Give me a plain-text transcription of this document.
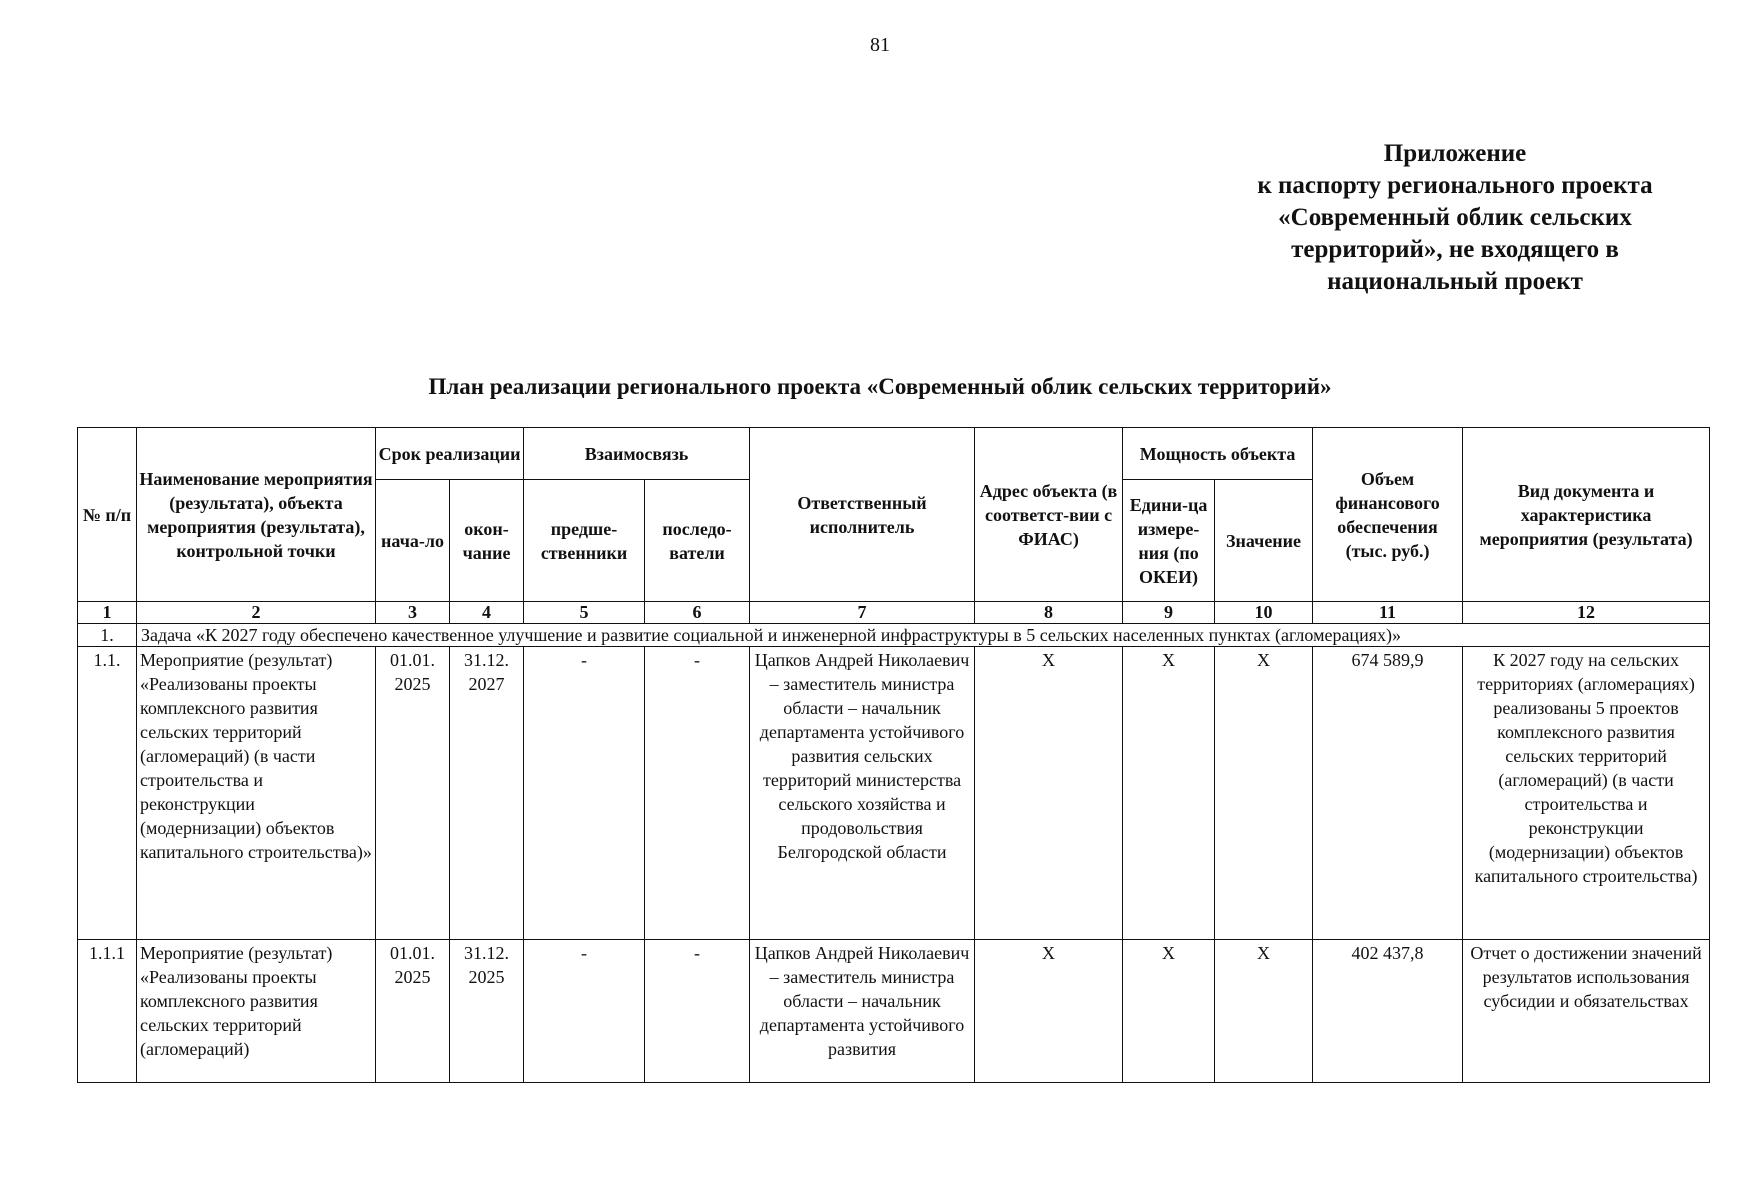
81
Приложение
к паспорту регионального проекта
«Современный облик сельских
территорий», не входящего в
национальный проект
План реализации регионального проекта «Современный облик сельских территорий»
№ п/п	Наименование мероприятия (результата), объекта мероприятия (результата), контрольной точки	Срок реализации		Взаимосвязь		Ответственный исполнитель	Адрес объекта (в соответст-вии с ФИАС)	Мощность объекта		Объем финансового обеспечения (тыс. руб.)	Вид документа и характеристика мероприятия (результата)
		нача-ло	окон-чание	предше-ственники	последо-ватели			Едини-ца измере-ния (по ОКЕИ)	Значение		
1	2	3	4	5	6	7	8	9	10	11	12
1.	Задача «К 2027 году обеспечено качественное улучшение и развитие социальной и инженерной инфраструктуры в 5 сельских населенных пунктах (агломерациях)»										
1.1.	Мероприятие (результат) «Реализованы проекты комплексного развития сельских территорий (агломераций) (в части строительства и реконструкции (модернизации) объектов капитального строительства)»	01.01. 2025	31.12. 2027	-	-	Цапков Андрей Николаевич – заместитель министра области – начальник департамента устойчивого развития сельских территорий министерства сельского хозяйства и продовольствия Белгородской области	X	X	X	674 589,9	К 2027 году на сельских территориях (агломерациях) реализованы 5 проектов комплексного развития сельских территорий (агломераций) (в части строительства и реконструкции (модернизации) объектов капитального строительства)
1.1.1	Мероприятие (результат) «Реализованы проекты комплексного развития сельских территорий (агломераций)	01.01. 2025	31.12. 2025	-	-	Цапков Андрей Николаевич – заместитель министра области – начальник департамента устойчивого развития	X	X	X	402 437,8	Отчет о достижении значений результатов использования субсидии и обязательствах
